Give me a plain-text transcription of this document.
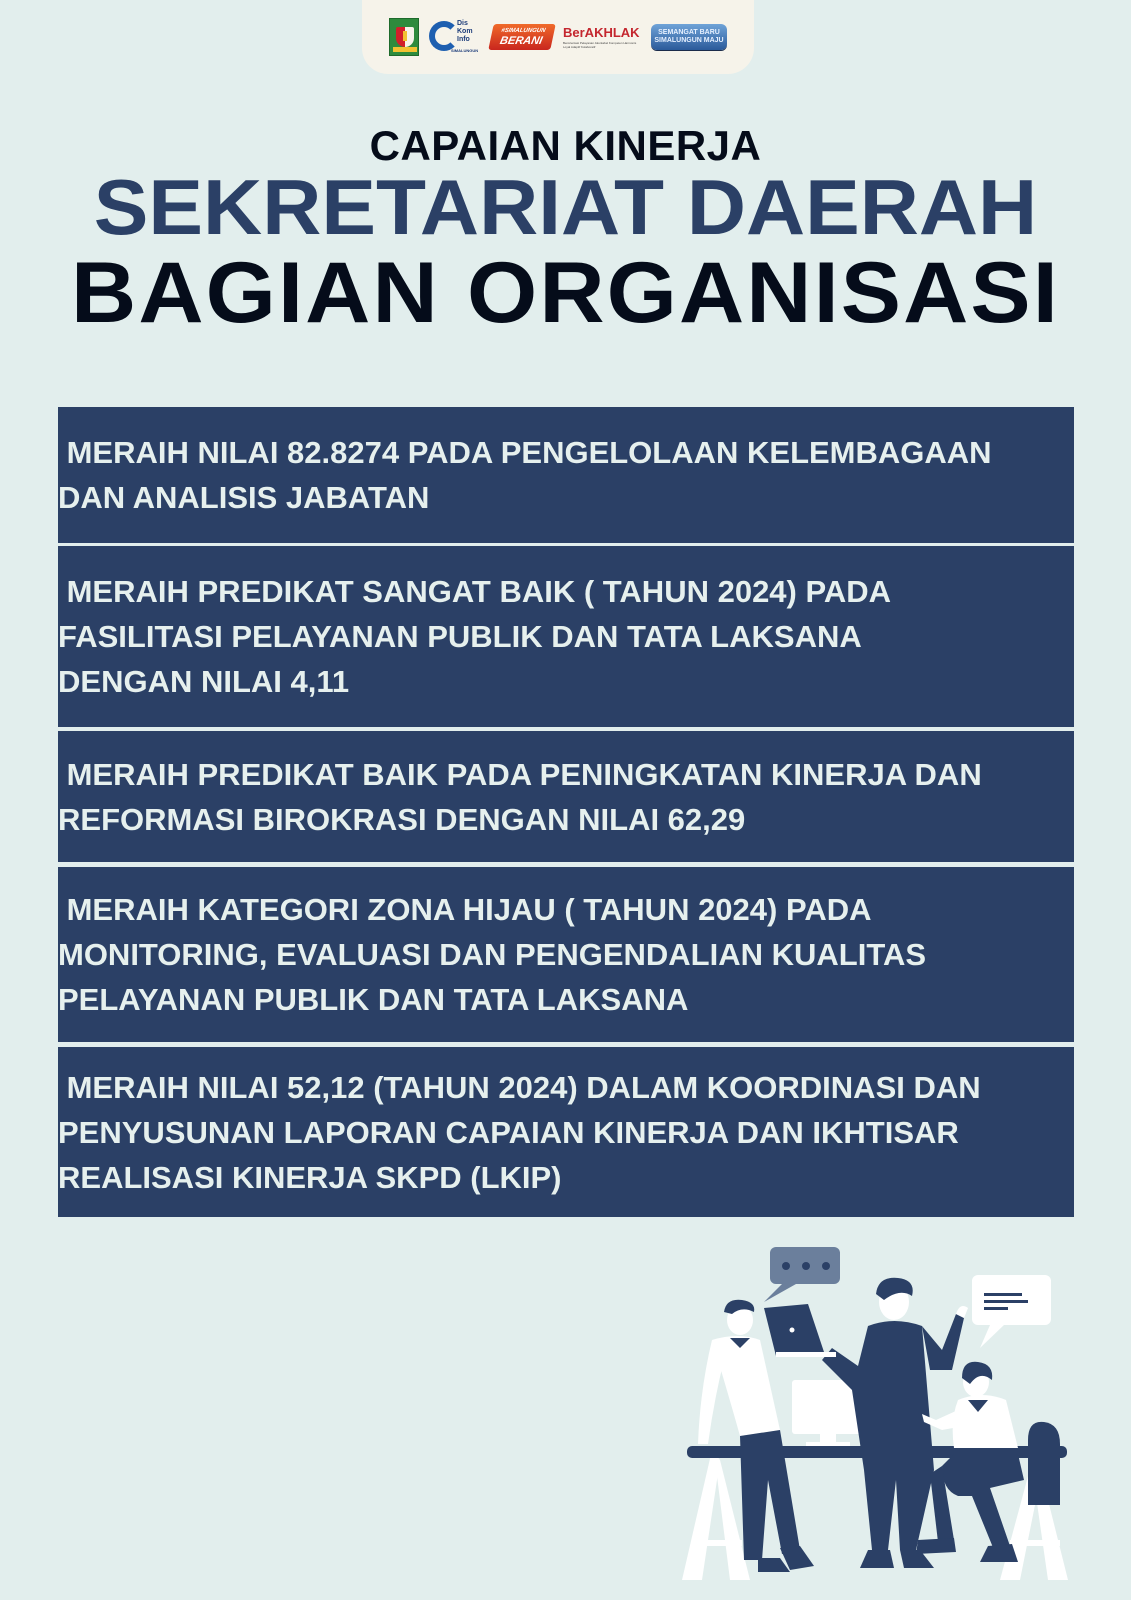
Dis
Kom
Info
SIMALUNGUN
#SIMALUNGUN
BERANI
BerAKHLAK
Berorientasi Pelayanan Akuntabel Kompeten Harmonis Loyal Adaptif Kolaboratif
SEMANGAT BARU
SIMALUNGUN MAJU
CAPAIAN KINERJA
SEKRETARIAT DAERAH
BAGIAN ORGANISASI
MERAIH NILAI 82.8274 PADA PENGELOLAAN KELEMBAGAAN
DAN ANALISIS JABATAN
MERAIH PREDIKAT SANGAT BAIK ( TAHUN 2024) PADA
FASILITASI PELAYANAN PUBLIK DAN TATA LAKSANA
DENGAN NILAI 4,11
MERAIH PREDIKAT BAIK PADA PENINGKATAN KINERJA DAN
REFORMASI BIROKRASI DENGAN NILAI 62,29
MERAIH KATEGORI ZONA HIJAU ( TAHUN 2024) PADA
MONITORING, EVALUASI DAN PENGENDALIAN KUALITAS
PELAYANAN PUBLIK DAN TATA LAKSANA
MERAIH NILAI 52,12 (TAHUN 2024) DALAM KOORDINASI DAN
PENYUSUNAN LAPORAN CAPAIAN KINERJA DAN IKHTISAR
REALISASI KINERJA SKPD (LKIP)
